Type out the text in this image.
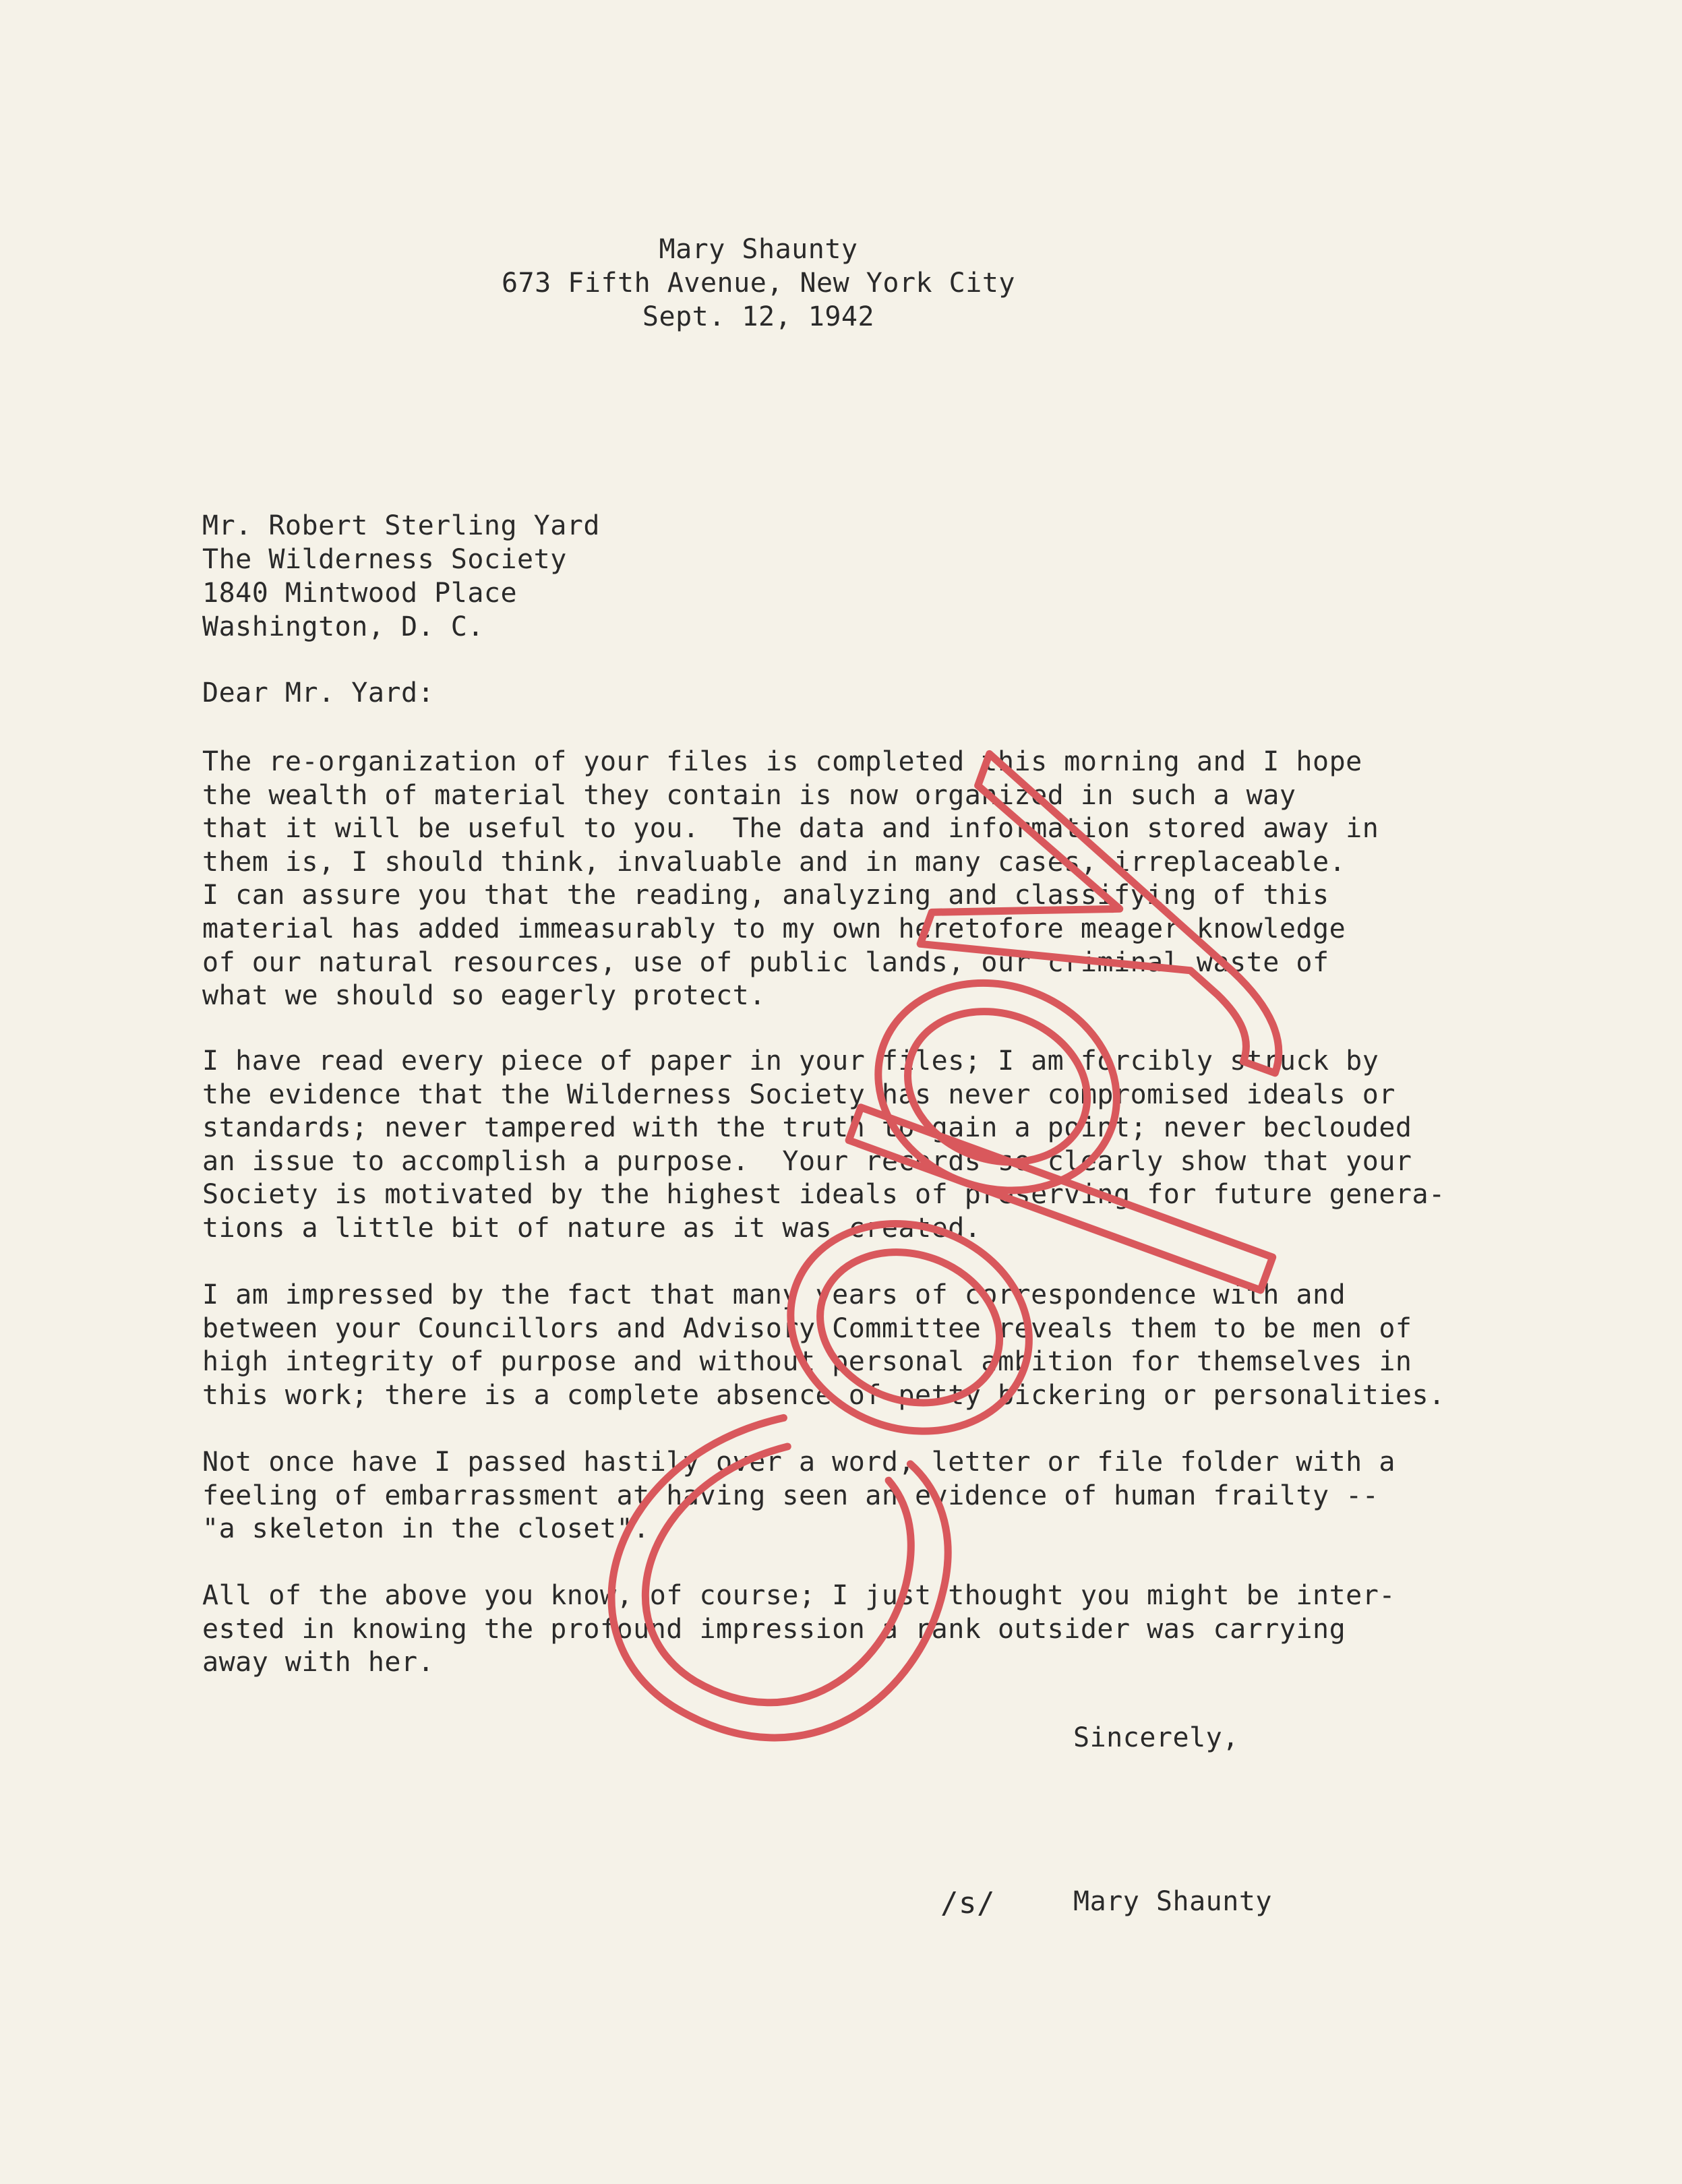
Mary Shaunty
673 Fifth Avenue, New York City
Sept. 12, 1942
Mr. Robert Sterling Yard
The Wilderness Society
1840 Mintwood Place
Washington, D. C.
Dear Mr. Yard:
The re-organization of your files is completed this morning and I hope
the wealth of material they contain is now organized in such a way
that it will be useful to you.  The data and information stored away in
them is, I should think, invaluable and in many cases, irreplaceable.
I can assure you that the reading, analyzing and classifying of this
material has added immeasurably to my own heretofore meager knowledge
of our natural resources, use of public lands, our criminal waste of
what we should so eagerly protect.
I have read every piece of paper in your files; I am forcibly struck by
the evidence that the Wilderness Society has never compromised ideals or
standards; never tampered with the truth to gain a point; never beclouded
an issue to accomplish a purpose.  Your records so clearly show that your
Society is motivated by the highest ideals of preserving for future genera-
tions a little bit of nature as it was created.
I am impressed by the fact that many years of correspondence with and
between your Councillors and Advisory Committee reveals them to be men of
high integrity of purpose and without personal ambition for themselves in
this work; there is a complete absence of petty bickering or personalities.
Not once have I passed hastily over a word, letter or file folder with a
feeling of embarrassment at having seen an evidence of human frailty --
"a skeleton in the closet".
All of the above you know, of course; I just thought you might be inter-
ested in knowing the profound impression a rank outsider was carrying
away with her.
Sincerely,
/s/	Mary Shaunty
